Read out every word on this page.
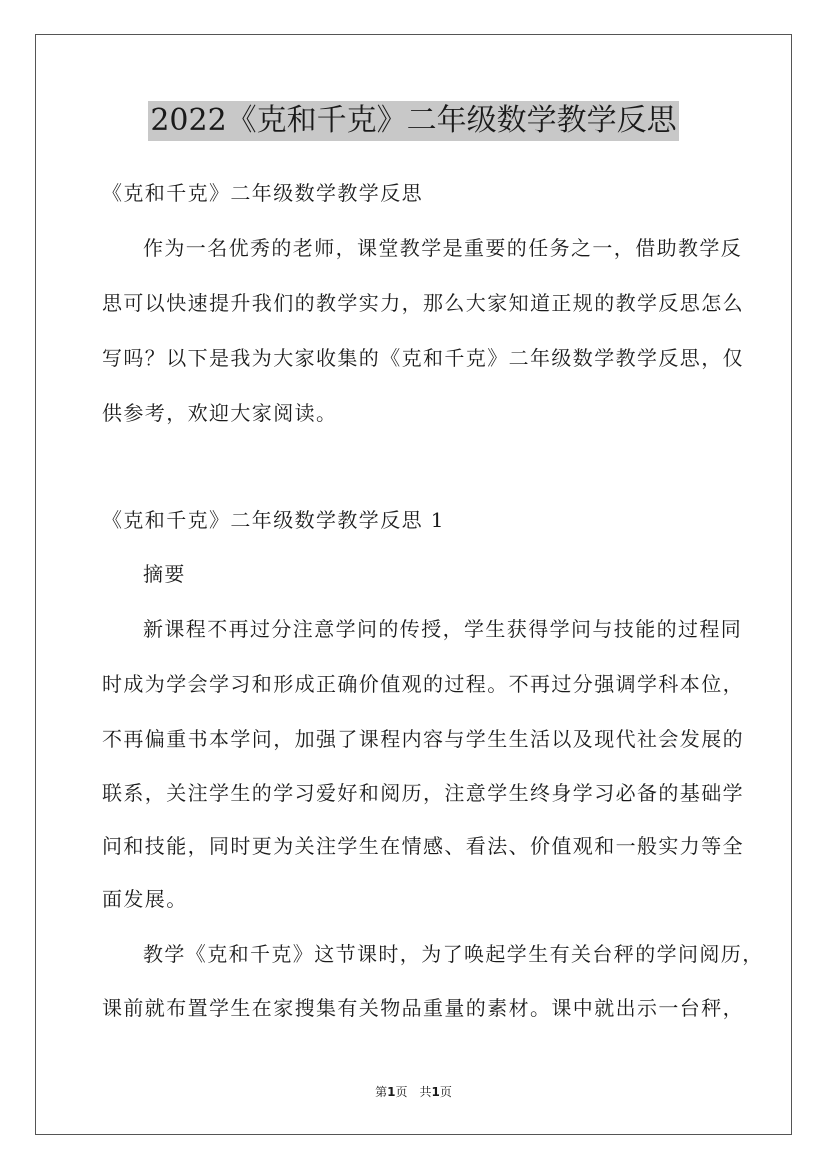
2022《克和千克》二年级数学教学反思
《克和千克》二年级数学教学反思
作为一名优秀的老师，课堂教学是重要的任务之一，借助教学反
思可以快速提升我们的教学实力，那么大家知道正规的教学反思怎么
写吗？以下是我为大家收集的《克和千克》二年级数学教学反思，仅
供参考，欢迎大家阅读。
《克和千克》二年级数学教学反思 1
摘要
新课程不再过分注意学问的传授，学生获得学问与技能的过程同
时成为学会学习和形成正确价值观的过程。不再过分强调学科本位，
不再偏重书本学问，加强了课程内容与学生生活以及现代社会发展的
联系，关注学生的学习爱好和阅历，注意学生终身学习必备的基础学
问和技能，同时更为关注学生在情感、看法、价值观和一般实力等全
面发展。
教学《克和千克》这节课时，为了唤起学生有关台秤的学问阅历，
课前就布置学生在家搜集有关物品重量的素材。课中就出示一台秤，
第1页　共1页
